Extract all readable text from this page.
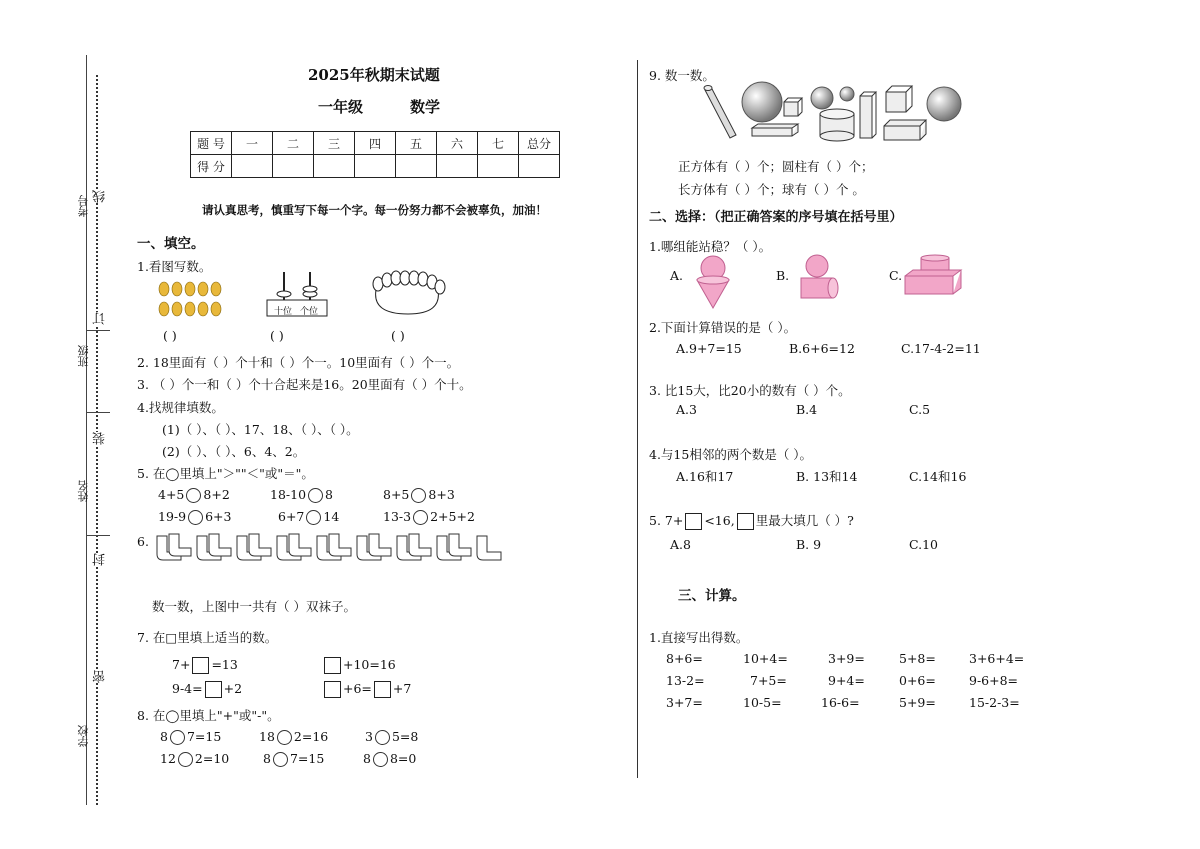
考号 线
订
班级
装
姓名
封
密
学校
2025年秋期末试题
一年级	数学
题 号	一	二	三	四	五	六	七	总分
得 分								
请认真思考，慎重写下每一个字。每一份努力都不会被辜负，加油！
一、填空。
1.看图写数。
十位 个位
( )	( )	( )
2. 18里面有（ ）个十和（ ）个一。10里面有（ ）个一。
3. （ ）个一和（ ）个十合起来是16。20里面有（ ）个十。
4.找规律填数。
(1)（ ）、（ ）、17、18、（ ）、（ ）。
(2)（ ）、（ ）、6、4、2。
5. 在◯里填上"＞""＜"或"＝"。
4+5 8+2	18-10 8	8+5 8+3
19-9 6+3	6+7 14	13-3 2+5+2
6.
数一数，上图中一共有（ ）双袜子。
7. 在□里填上适当的数。
7+ =13	+10=16
9-4= +2	+6= +7
8. 在◯里填上"+"或"-"。
8 7=15	18 2=16	3 5=8
12 2=10	8 7=15	8 8=0
9. 数一数。
正方体有（ ）个；圆柱有（ ）个；
长方体有（ ）个；球有（ ）个 。
二、选择：（把正确答案的序号填在括号里）
1.哪组能站稳？（ ）。
A.	B.	C.
2.下面计算错误的是（ ）。
A.9+7=15	B.6+6=12	C.17-4-2=11
3. 比15大，比20小的数有（ ）个。
A.3	B.4	C.5
4.与15相邻的两个数是（ ）。
A.16和17	B. 13和14	C.14和16
5. 7+ <16, 里最大填几（ ）?
A.8	B. 9	C.10
三、计算。
1.直接写出得数。
8+6=	10+4=	3+9=	5+8=	3+6+4=
13-2=	7+5=	9+4=	0+6=	9-6+8=
3+7=	10-5=	16-6=	5+9=	15-2-3=
